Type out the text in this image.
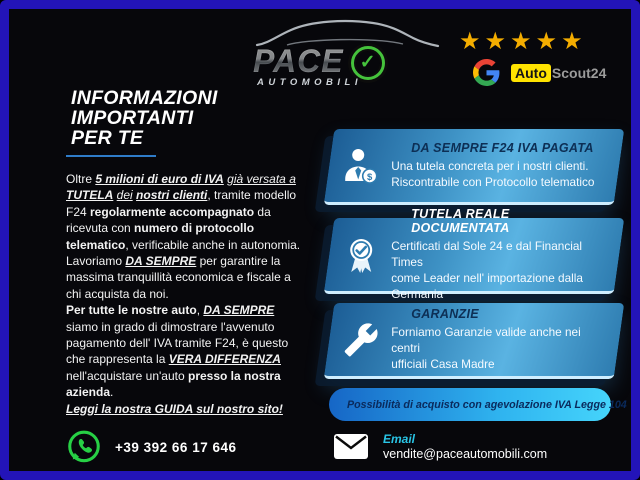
PACE ✓
AUTOMOBILI
★★★★★
Auto Scout24
INFORMAZIONI
IMPORTANTI
PER TE
Oltre 5 milioni di euro di IVA già versata a TUTELA dei nostri clienti, tramite modello F24 regolarmente accompagnato da ricevuta con numero di protocollo telematico, verificabile anche in autonomia. Lavoriamo DA SEMPRE per garantire la massima tranquillità economica e fiscale a chi acquista da noi.
Per tutte le nostre auto, DA SEMPRE siamo in grado di dimostrare l'avvenuto pagamento dell' IVA tramite F24, è questo che rappresenta la VERA DIFFERENZA nell'acquistare un'auto presso la nostra azienda.
Leggi la nostra GUIDA sul nostro sito!
$
DA SEMPRE F24 IVA PAGATA
Una tutela concreta per i nostri clienti.
Riscontrabile con Protocollo telematico
TUTELA REALE DOCUMENTATA
Certificati dal Sole 24 e dal Financial Times
come Leader nell' importazione dalla Germania
GARANZIE
Forniamo Garanzie valide anche nei centri
ufficiali Casa Madre
Possibilità di acquisto con agevolazione IVA Legge 104
+39 392 66 17 646
Email
vendite@paceautomobili.com
